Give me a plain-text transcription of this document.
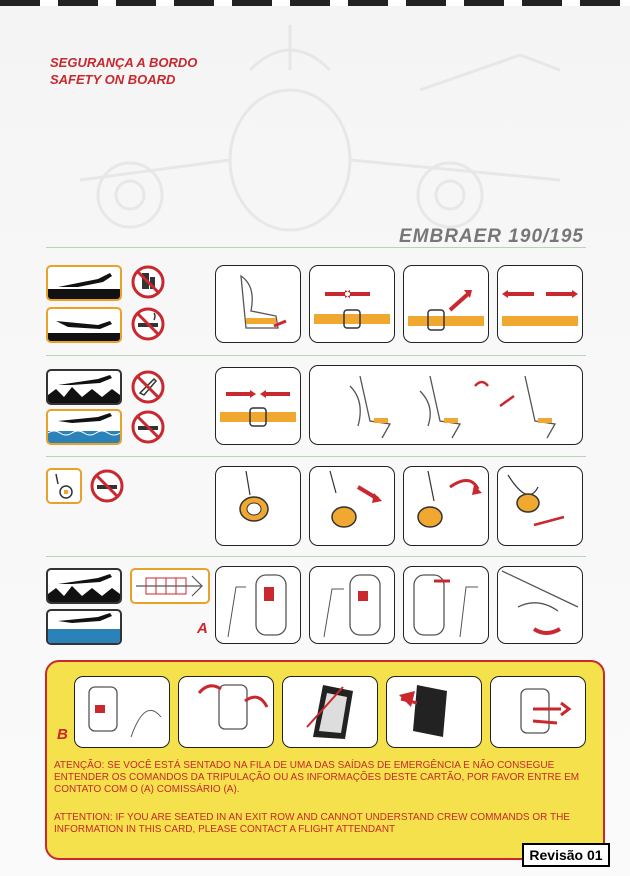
SEGURANÇA A BORDO
SAFETY ON BOARD
EMBRAER 190/195
A
B
ATENÇÃO: SE VOCÊ ESTÁ SENTADO NA FILA DE UMA DAS SAÍDAS DE EMERGÊNCIA E NÃO CONSEGUE ENTENDER OS COMANDOS DA TRIPULAÇÃO OU AS INFORMAÇÕES DESTE CARTÃO, POR FAVOR ENTRE EM CONTATO COM O (A) COMISSÁRIO (A).
ATTENTION: IF YOU ARE SEATED IN AN EXIT ROW AND CANNOT UNDERSTAND CREW COMMANDS OR THE INFORMATION IN THIS CARD, PLEASE CONTACT A FLIGHT ATTENDANT
Revisão 01
